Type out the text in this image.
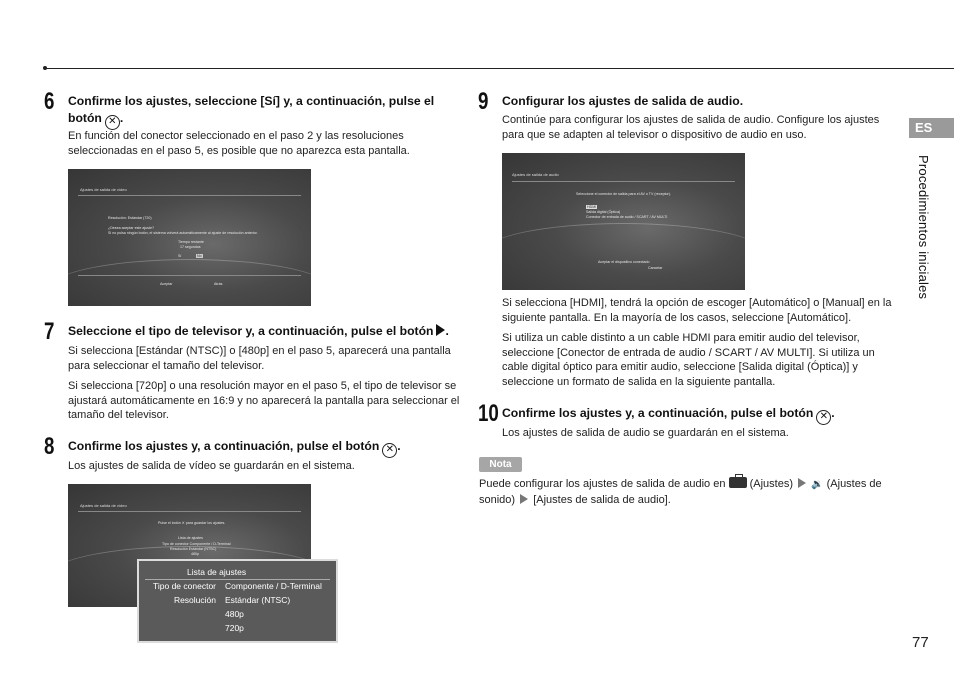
6 Confirme los ajustes, seleccione [Sí] y, a continuación, pulse el
botón ✕ .
En función del conector seleccionado en el paso 2 y las resoluciones seleccionadas en el paso 5, es posible que no aparezca esta pantalla.
Ajustes de salida de vídeo
Resolución: Estándar (720)
¿Desea aceptar este ajuste?
Si no pulsa ningún botón, el sistema volverá automáticamente al ajuste de resolución anterior.
Tiempo restante
17 segundos
Sí	No
Aceptar	Atrás
7 Seleccione el tipo de televisor y, a continuación, pulse el botón .

Si selecciona [Estándar (NTSC)] o [480p] en el paso 5, aparecerá una pantalla para seleccionar el tamaño del televisor.

Si selecciona [720p] o una resolución mayor en el paso 5, el tipo de televisor se ajustará automáticamente en 16:9 y no aparecerá la pantalla para seleccionar el tamaño del televisor.

8 Confirme los ajustes y, a continuación, pulse el botón ✕ .
Los ajustes de salida de vídeo se guardarán en el sistema.
Ajustes de salida de vídeo
Pulse el botón ✕ para guardar los ajustes.
Lista de ajustes
Tipo de conector Componente / D-Terminal
Resolución Estándar (NTSC)
480p
Lista de ajustes
Tipo de conector Componente / D-Terminal
Resolución Estándar (NTSC)
480p
720p
9 Configurar los ajustes de salida de audio.
Continúe para configurar los ajustes de salida de audio. Configure los ajustes para que se adapten al televisor o dispositivo de audio en uso.
Ajustes de salida de audio
Seleccione el conector de salida para el AV o TV (receptor).
HDMI
Salida digital (Óptica)
Conector de entrada de audio / SCART / AV MULTI
Aceptar el dispositivo conectado
Cancelar

Si selecciona [HDMI], tendrá la opción de escoger [Automático] o [Manual] en la siguiente pantalla. En la mayoría de los casos, seleccione [Automático].

Si utiliza un cable distinto a un cable HDMI para emitir audio del televisor, seleccione [Conector de entrada de audio / SCART / AV MULTI]. Si utiliza un cable digital óptico para emitir audio, seleccione [Salida digital (Óptica)] y seleccione un formato de salida en la siguiente pantalla.

10 Confirme los ajustes y, a continuación, pulse el botón ✕ .
Los ajustes de salida de audio se guardarán en el sistema.
Nota
Puede configurar los ajustes de salida de audio en (Ajustes) 🔉 (Ajustes de sonido) [Ajustes de salida de audio].
ES
Procedimientos iniciales
77
